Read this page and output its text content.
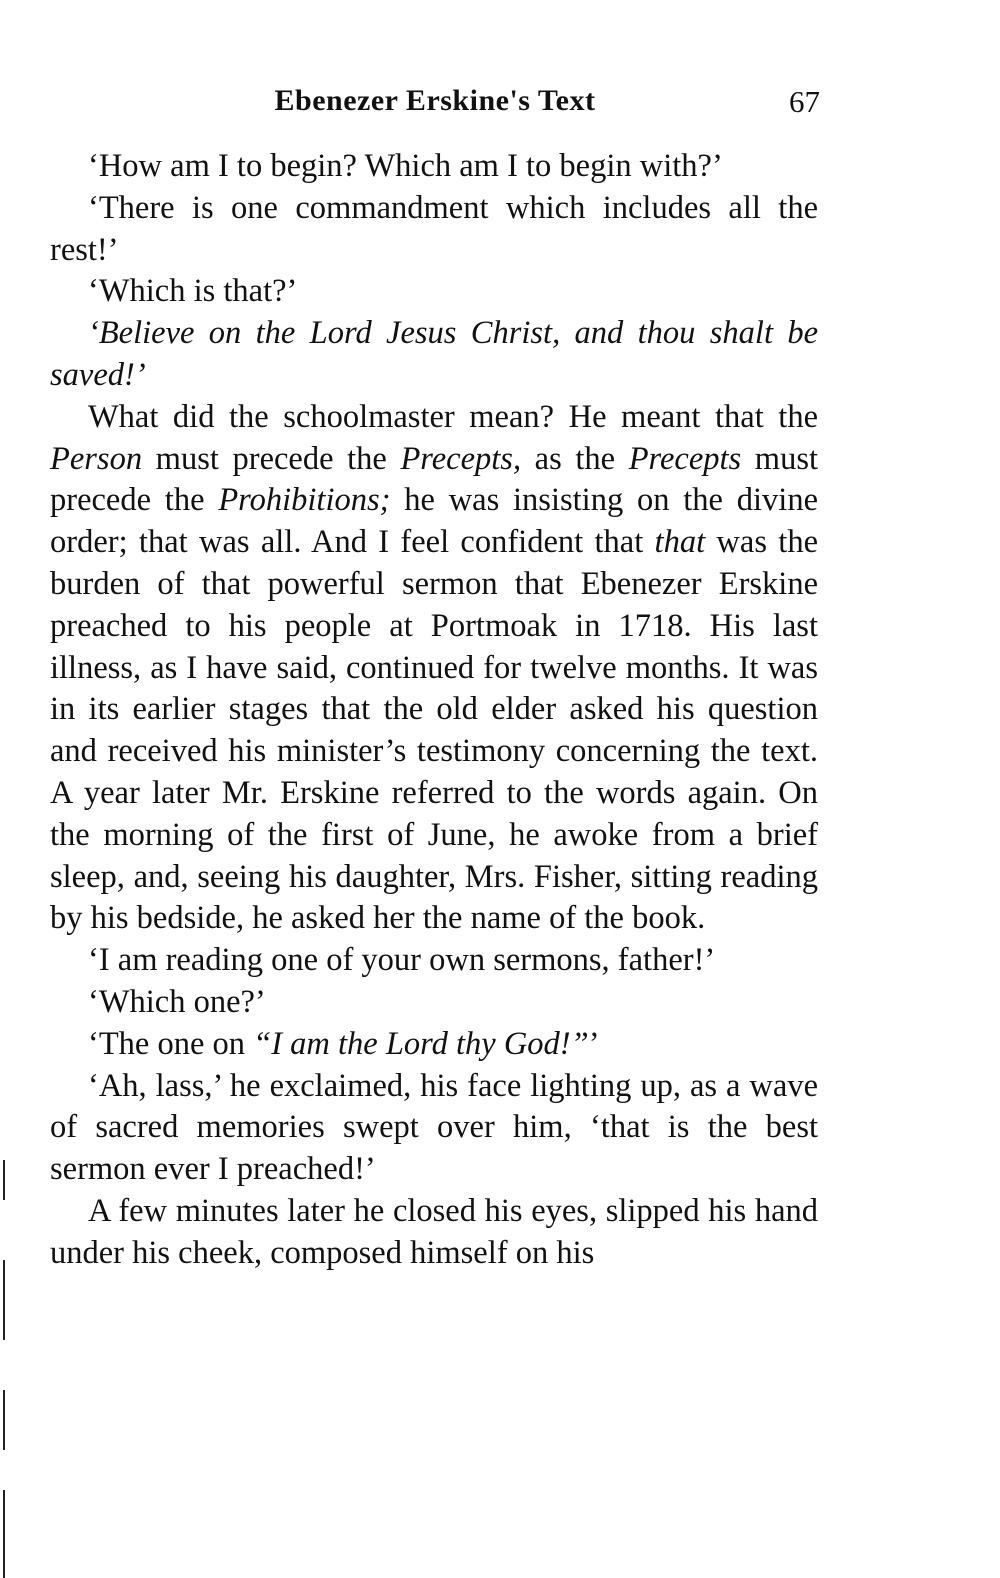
Ebenezer Erskine's Text	67

‘How am I to begin? Which am I to begin with?’

‘There is one commandment which includes all the rest!’

‘Which is that?’

‘Believe on the Lord Jesus Christ, and thou shalt be saved!’

What did the schoolmaster mean? He meant that the Person must precede the Precepts, as the Precepts must precede the Prohibitions; he was insisting on the divine order; that was all. And I feel confident that that was the burden of that powerful sermon that Ebenezer Erskine preached to his people at Portmoak in 1718. His last illness, as I have said, continued for twelve months. It was in its earlier stages that the old elder asked his question and received his minister’s testimony concerning the text. A year later Mr. Erskine referred to the words again. On the morning of the first of June, he awoke from a brief sleep, and, seeing his daughter, Mrs. Fisher, sitting reading by his bedside, he asked her the name of the book.

‘I am reading one of your own sermons, father!’

‘Which one?’

‘The one on “I am the Lord thy God!”’

‘Ah, lass,’ he exclaimed, his face lighting up, as a wave of sacred memories swept over him, ‘that is the best sermon ever I preached!’

A few minutes later he closed his eyes, slipped his hand under his cheek, composed himself on his
